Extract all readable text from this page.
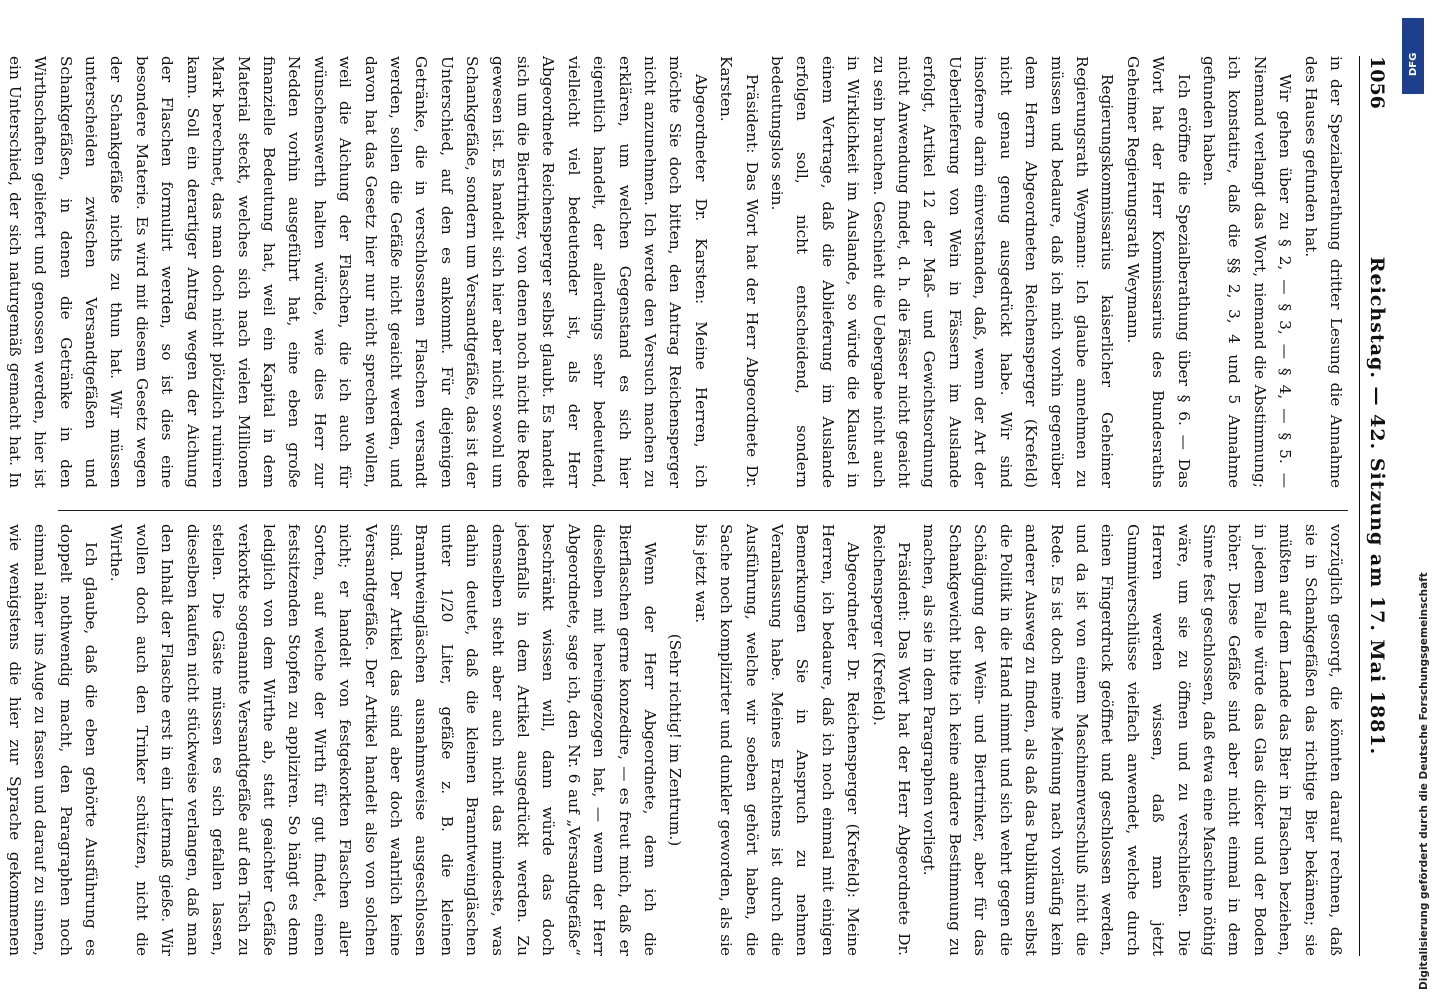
1056
Reichstag. — 42. Sitzung am 17. Mai 1881.

in der Spezialberathung dritter Lesung die Annahme des Hauses gefunden hat.

Wir gehen über zu § 2, — § 3, — § 4, — § 5. — Niemand verlangt das Wort, niemand die Abstimmung; ich konstatire, daß die §§ 2, 3, 4 und 5 Annahme gefunden haben.

Ich eröffne die Spezialberathung über § 6. — Das Wort hat der Herr Kommissarius des Bundesraths Geheimer Regierungsrath Weymann.

Regierungskommissarius kaiserlicher Geheimer Regierungsrath Weymann: Ich glaube annehmen zu müssen und bedaure, daß ich mich vorhin gegenüber dem Herrn Abgeordneten Reichensperger (Krefeld) nicht genau genug ausgedrückt habe. Wir sind insoferne darin einverstanden, daß, wenn der Art der Ueberlieferung von Wein in Fässern im Auslande erfolgt, Artikel 12 der Maß- und Gewichtsordnung nicht Anwendung findet, d. h. die Fässer nicht geaicht zu sein brauchen. Geschieht die Uebergabe nicht auch in Wirklichkeit im Auslande, so würde die Klausel in einem Vertrage, daß die Ablieferung im Auslande erfolgen soll, nicht entscheidend, sondern bedeutungslos sein.

Präsident: Das Wort hat der Herr Abgeordnete Dr. Karsten.

Abgeordneter Dr. Karsten: Meine Herren, ich möchte Sie doch bitten, den Antrag Reichensperger nicht anzunehmen. Ich werde den Versuch machen zu erklären, um welchen Gegenstand es sich hier eigentlich handelt, der allerdings sehr bedeutend, vielleicht viel bedeutender ist, als der Herr Abgeordnete Reichensperger selbst glaubt. Es handelt sich um die Biertrinker, von denen noch nicht die Rede gewesen ist. Es handelt sich hier aber nicht sowohl um Schankgefäße, sondern um Versandtgefäße, das ist der Unterschied, auf den es ankommt. Für diejenigen Getränke, die in verschlossenen Flaschen versandt werden, sollen die Gefäße nicht geaicht werden, und davon hat das Gesetz hier nur nicht sprechen wollen, weil die Aichung der Flaschen, die ich auch für wünschenswerth halten würde, wie dies Herr zur Nedden vorhin ausgeführt hat, eine eben große finanzielle Bedeutung hat, weil ein Kapital in dem Material steckt, welches sich nach vielen Millionen Mark berechnet, das man doch nicht plötzlich ruiniren kann. Soll ein derartiger Antrag wegen der Aichung der Flaschen formulirt werden, so ist dies eine besondere Materie. Es wird mit diesem Gesetz wegen der Schankgefäße nichts zu thun hat. Wir müssen unterscheiden zwischen Versandtgefäßen und Schankgefäßen, in denen die Getränke in den Wirthschaften geliefert und genossen werden, hier ist ein Unterschied, der sich naturgemäß gemacht hat. In

vorzüglich gesorgt, die könnten darauf rechnen, daß sie in Schankgefäßen das richtige Bier bekämen; sie müßten auf dem Lande das Bier in Flaschen beziehen, in jedem Falle würde das Glas dicker und der Boden höher. Diese Gefäße sind aber nicht einmal in dem Sinne fest geschlossen, daß etwa eine Maschine nöthig wäre, um sie zu öffnen und zu verschließen. Die Herren werden wissen, daß man jetzt Gummiverschlüsse vielfach anwendet, welche durch einen Fingerdruck geöffnet und geschlossen werden, und da ist von einem Maschinenverschluß nicht die Rede. Es ist doch meine Meinung nach vorläufig kein anderer Ausweg zu finden, als daß das Publikum selbst die Politik in die Hand nimmt und sich wehrt gegen die Schädigung der Wein- und Biertrinker, aber für das Schankgewicht bitte ich keine andere Bestimmung zu machen, als sie in dem Paragraphen vorliegt.

Präsident: Das Wort hat der Herr Abgeordnete Dr. Reichensperger (Krefeld).

Abgeordneter Dr. Reichensperger (Krefeld): Meine Herren, ich bedaure, daß ich noch einmal mit einigen Bemerkungen Sie in Anspruch zu nehmen Veranlassung habe. Meines Erachtens ist durch die Ausführung, welche wir soeben gehört haben, die Sache noch komplizirter und dunkler geworden, als sie bis jetzt war.

(Sehr richtig! im Zentrum.)

Wenn der Herr Abgeordnete, dem ich die Bierflaschen gerne konzedire, — es freut mich, daß er dieselben mit hereingezogen hat, — wenn der Herr Abgeordnete, sage ich, den Nr. 6 auf „Versandtgefäße“ beschränkt wissen will, dann würde das doch jedenfalls in dem Artikel ausgedrückt werden. Zu demselben steht aber auch nicht das mindeste, was dahin deutet, daß die kleinen Branntweingläschen unter 1/20 Liter, gefäße z. B. die kleinen Branntweingläschen ausnahmsweise ausgeschlossen sind. Der Artikel das sind aber doch wahrlich keine Versandtgefäße. Der Artikel handelt also von solchen nicht; er handelt von festgekorkten Flaschen aller Sorten, auf welche der Wirth für gut findet, einen festsitzenden Stopfen zu appliziren. So hängt es denn lediglich von dem Wirthe ab, statt geaichter Gefäße verkorkte sogenannte Versandtgefäße auf den Tisch zu stellen. Die Gäste müssen es sich gefallen lassen, dieselben kaufen nicht stückweise verlangen, daß man den Inhalt der Flasche erst in ein Litermaß gieße. Wir wollen doch auch den Trinker schützen, nicht die Wirthe.

Ich glaube, daß die eben gehörte Ausführung es doppelt nothwendig macht, den Paragraphen noch einmal näher ins Auge zu fassen und darauf zu sinnen, wie wenigstens die hier zur Sprache gekommenen

DFG
Digitalisierung gefördert durch die Deutsche Forschungsgemeinschaft
